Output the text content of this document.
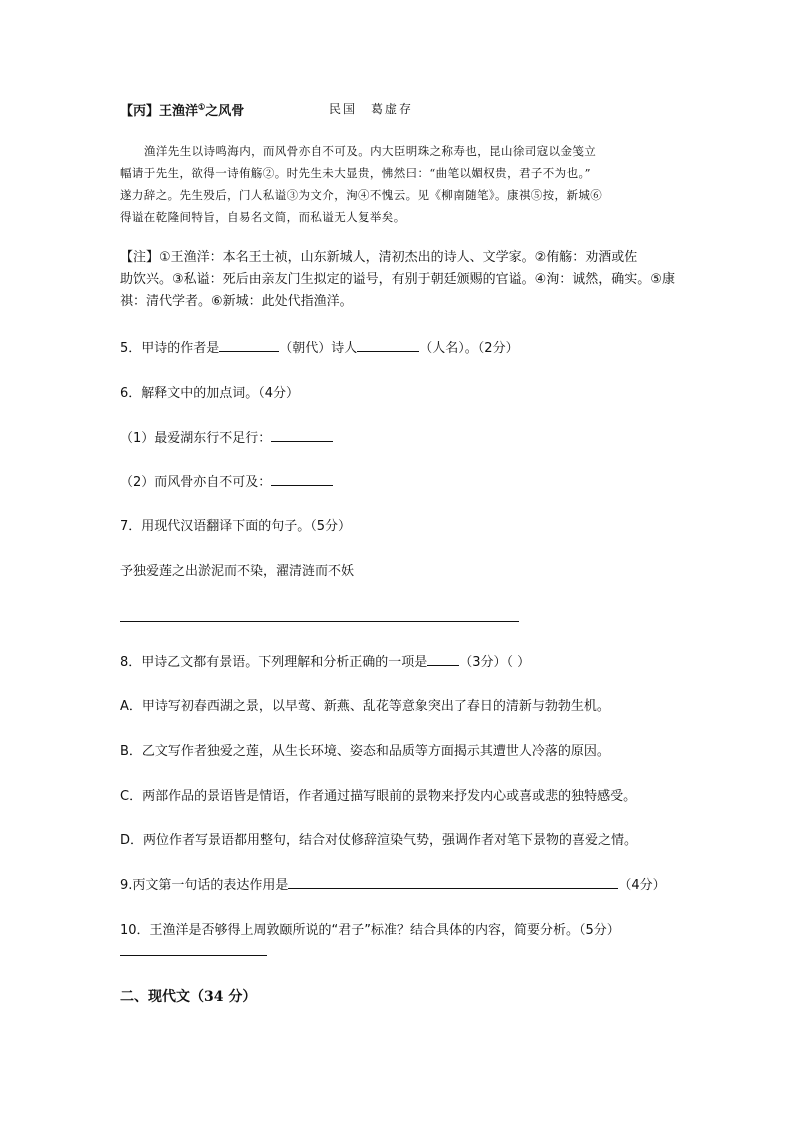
【丙】王渔洋①之风骨	民国　葛虚存
渔洋先生以诗鸣海内，而风骨亦自不可及。内大臣明珠之称寿也，昆山徐司寇以金笺立
幅请于先生，欲得一诗侑觞②。时先生未大显贵，怫然曰：“曲笔以媚权贵，君子不为也。”
遂力辞之。先生殁后，门人私谥③为文介，洵④不愧云。见《柳南随笔》。康祺⑤按，新城⑥
得谥在乾隆间特旨，自易名文简，而私谥无人复举矣。
【注】①王渔洋：本名王士祯，山东新城人，清初杰出的诗人、文学家。②侑觞：劝酒或佐
助饮兴。③私谥：死后由亲友门生拟定的谥号，有别于朝廷颁赐的官谥。④洵：诚然，确实。⑤康
祺：清代学者。⑥新城：此处代指渔洋。
5．甲诗的作者是	（朝代）诗人	（人名）。（2分）
6．解释文中的加点词。（4分）
（1）最爱湖东行不足行：
（2）而风骨亦自不可及：
7．用现代汉语翻译下面的句子。（5分）
予独爱莲之出淤泥而不染，濯清涟而不妖
8．甲诗乙文都有景语。下列理解和分析正确的一项是 （3分）（ ）
A．甲诗写初春西湖之景，以早莺、新燕、乱花等意象突出了春日的清新与勃勃生机。
B．乙文写作者独爱之莲，从生长环境、姿态和品质等方面揭示其遭世人冷落的原因。
C．两部作品的景语皆是情语，作者通过描写眼前的景物来抒发内心或喜或悲的独特感受。
D．两位作者写景语都用整句，结合对仗修辞渲染气势，强调作者对笔下景物的喜爱之情。
9.丙文第一句话的表达作用是	（4分）
10．王渔洋是否够得上周敦颐所说的“君子”标准？结合具体的内容，简要分析。（5分）
二、现代文（34 分）
